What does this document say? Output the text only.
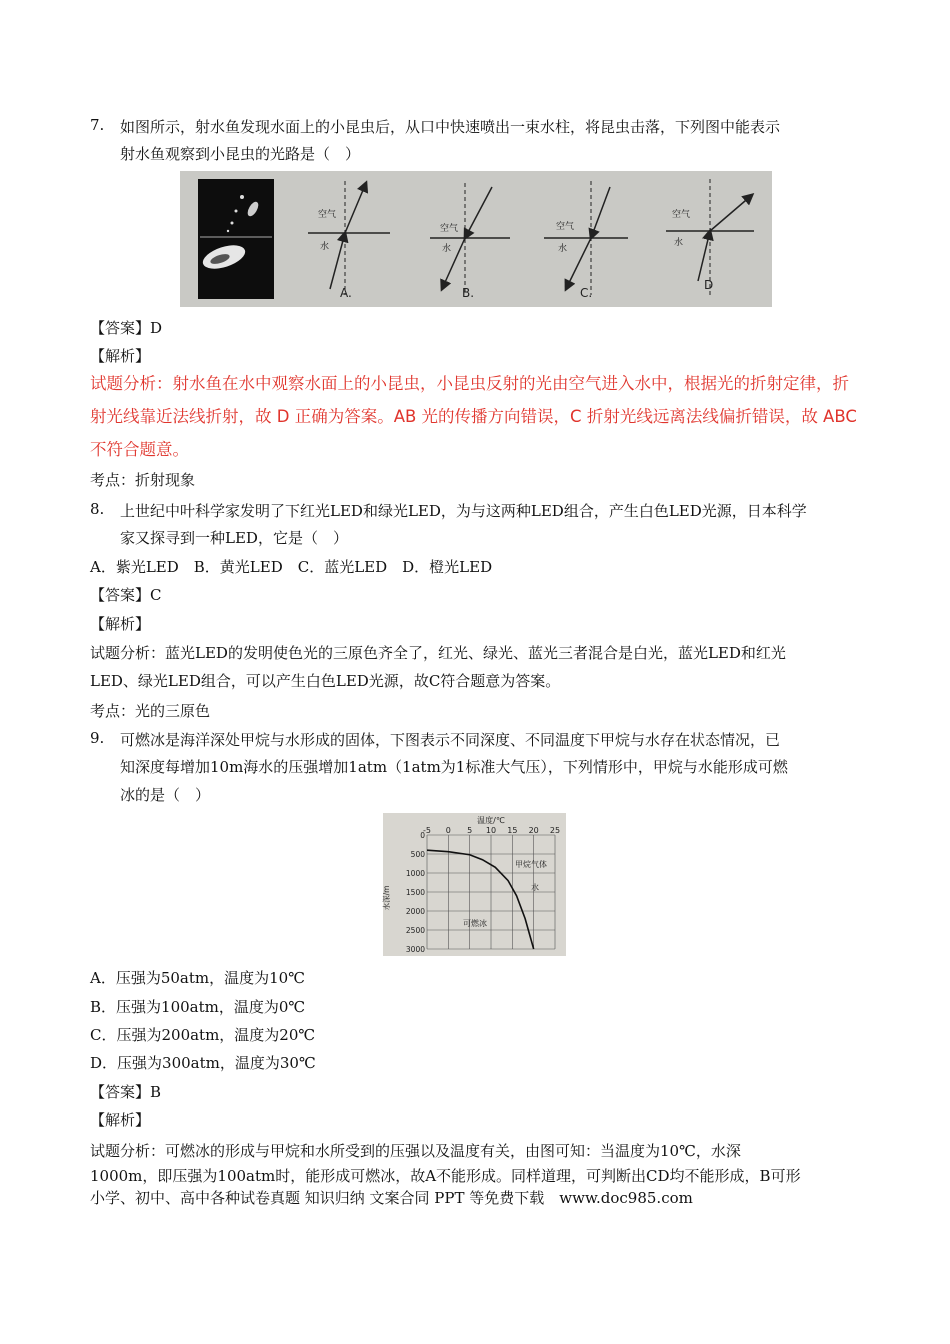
7. 如图所示，射水鱼发现水面上的小昆虫后，从口中快速喷出一束水柱，将昆虫击落，下列图中能表示
射水鱼观察到小昆虫的光路是（　）
空气
水
空气
水
空气
水
空气
水
A.	B.	C.
D
【答案】D
【解析】
试题分析：射水鱼在水中观察水面上的小昆虫，小昆虫反射的光由空气进入水中，根据光的折射定律，折
射光线靠近法线折射，故 D 正确为答案。AB 光的传播方向错误，C 折射光线远离法线偏折错误，故 ABC
不符合题意。
考点：折射现象
8. 上世纪中叶科学家发明了下红光LED和绿光LED，为与这两种LED组合，产生白色LED光源，日本科学
家又探寻到一种LED，它是（　）
A．紫光LED　B．黄光LED　C．蓝光LED　D．橙光LED
【答案】C
【解析】
试题分析：蓝光LED的发明使色光的三原色齐全了，红光、绿光、蓝光三者混合是白光，蓝光LED和红光
LED、绿光LED组合，可以产生白色LED光源，故C符合题意为答案。
考点：光的三原色
9. 可燃冰是海洋深处甲烷与水形成的固体，下图表示不同深度、不同温度下甲烷与水存在状态情况，已
知深度每增加10m海水的压强增加1atm（1atm为1标准大气压），下列情形中，甲烷与水能形成可燃
冰的是（　）
-5 0 5 10 15 20 25
0
500
1000
1500
2000
2500
3000
温度/℃
水深/m
甲烷气体
水
可燃冰
A．压强为50atm，温度为10℃
B．压强为100atm，温度为0℃
C．压强为200atm，温度为20℃
D．压强为300atm，温度为30℃
【答案】B
【解析】
试题分析：可燃冰的形成与甲烷和水所受到的压强以及温度有关，由图可知：当温度为10℃，水深
1000m，即压强为100atm时，能形成可燃冰，故A不能形成。同样道理，可判断出CD均不能形成，B可形
小学、初中、高中各种试卷真题 知识归纳 文案合同 PPT 等免费下载　www.doc985.com
